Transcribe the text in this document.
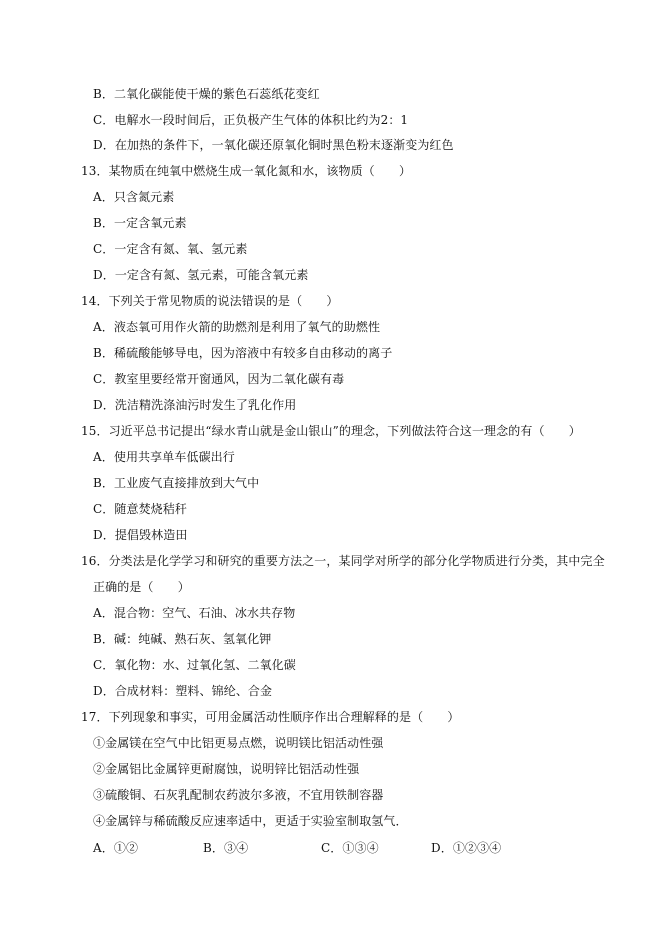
B．二氧化碳能使干燥的紫色石蕊纸花变红
C．电解水一段时间后，正负极产生气体的体积比约为2：1
D．在加热的条件下，一氧化碳还原氧化铜时黑色粉末逐渐变为红色
13．某物质在纯氧中燃烧生成一氧化氮和水，该物质（　　）
A．只含氮元素
B．一定含氧元素
C．一定含有氮、氧、氢元素
D．一定含有氮、氢元素，可能含氧元素
14．下列关于常见物质的说法错误的是（　　）
A．液态氧可用作火箭的助燃剂是利用了氧气的助燃性
B．稀硫酸能够导电，因为溶液中有较多自由移动的离子
C．教室里要经常开窗通风，因为二氧化碳有毒
D．洗洁精洗涤油污时发生了乳化作用
15．习近平总书记提出“绿水青山就是金山银山”的理念，下列做法符合这一理念的有（　　）
A．使用共享单车低碳出行
B．工业废气直接排放到大气中
C．随意焚烧秸秆
D．提倡毁林造田
16．分类法是化学学习和研究的重要方法之一，某同学对所学的部分化学物质进行分类，其中完全
正确的是（　　）
A．混合物：空气、石油、冰水共存物
B．碱：纯碱、熟石灰、氢氧化钾
C．氧化物：水、过氧化氢、二氧化碳
D．合成材料：塑料、锦纶、合金
17．下列现象和事实，可用金属活动性顺序作出合理解释的是（　　）
①金属镁在空气中比铝更易点燃，说明镁比铝活动性强
②金属铝比金属锌更耐腐蚀，说明锌比铝活动性强
③硫酸铜、石灰乳配制农药波尔多液，不宜用铁制容器
④金属锌与稀硫酸反应速率适中，更适于实验室制取氢气．
A．①②	B．③④	C．①③④	D．①②③④
